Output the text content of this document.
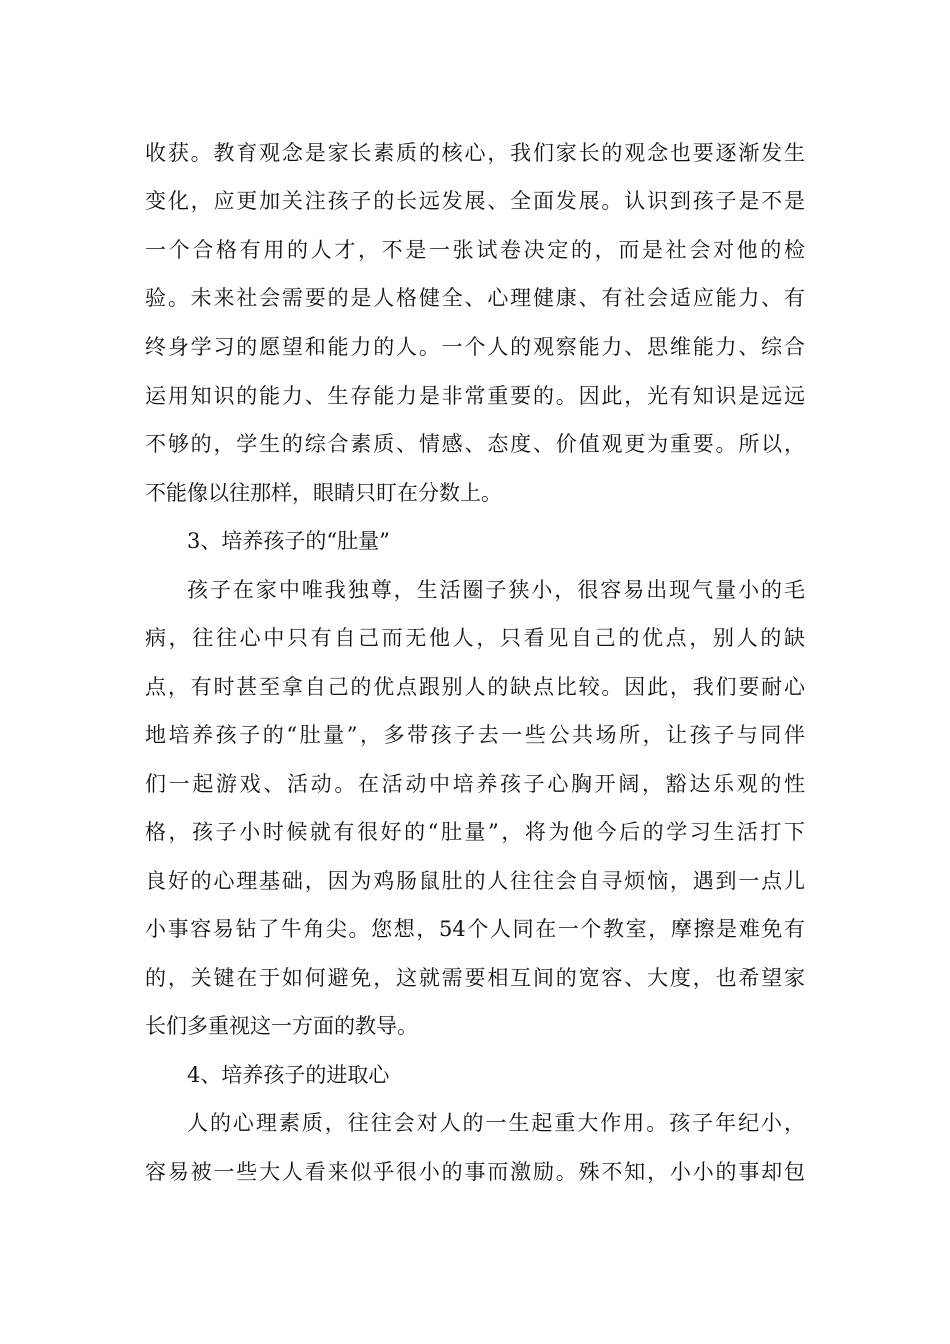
收获。教育观念是家长素质的核心，我们家长的观念也要逐渐发生
变化，应更加关注孩子的长远发展、全面发展。认识到孩子是不是
一个合格有用的人才，不是一张试卷决定的，而是社会对他的检
验。未来社会需要的是人格健全、心理健康、有社会适应能力、有
终身学习的愿望和能力的人。一个人的观察能力、思维能力、综合
运用知识的能力、生存能力是非常重要的。因此，光有知识是远远
不够的，学生的综合素质、情感、态度、价值观更为重要。所以，
不能像以往那样，眼睛只盯在分数上。
3、培养孩子的“肚量”
孩子在家中唯我独尊，生活圈子狭小，很容易出现气量小的毛
病，往往心中只有自己而无他人，只看见自己的优点，别人的缺
点，有时甚至拿自己的优点跟别人的缺点比较。因此，我们要耐心
地培养孩子的“肚量”，多带孩子去一些公共场所，让孩子与同伴
们一起游戏、活动。在活动中培养孩子心胸开阔，豁达乐观的性
格，孩子小时候就有很好的“肚量”，将为他今后的学习生活打下
良好的心理基础，因为鸡肠鼠肚的人往往会自寻烦恼，遇到一点儿
小事容易钻了牛角尖。您想，54个人同在一个教室，摩擦是难免有
的，关键在于如何避免，这就需要相互间的宽容、大度，也希望家
长们多重视这一方面的教导。
4、培养孩子的进取心
人的心理素质，往往会对人的一生起重大作用。孩子年纪小，
容易被一些大人看来似乎很小的事而激励。殊不知，小小的事却包
